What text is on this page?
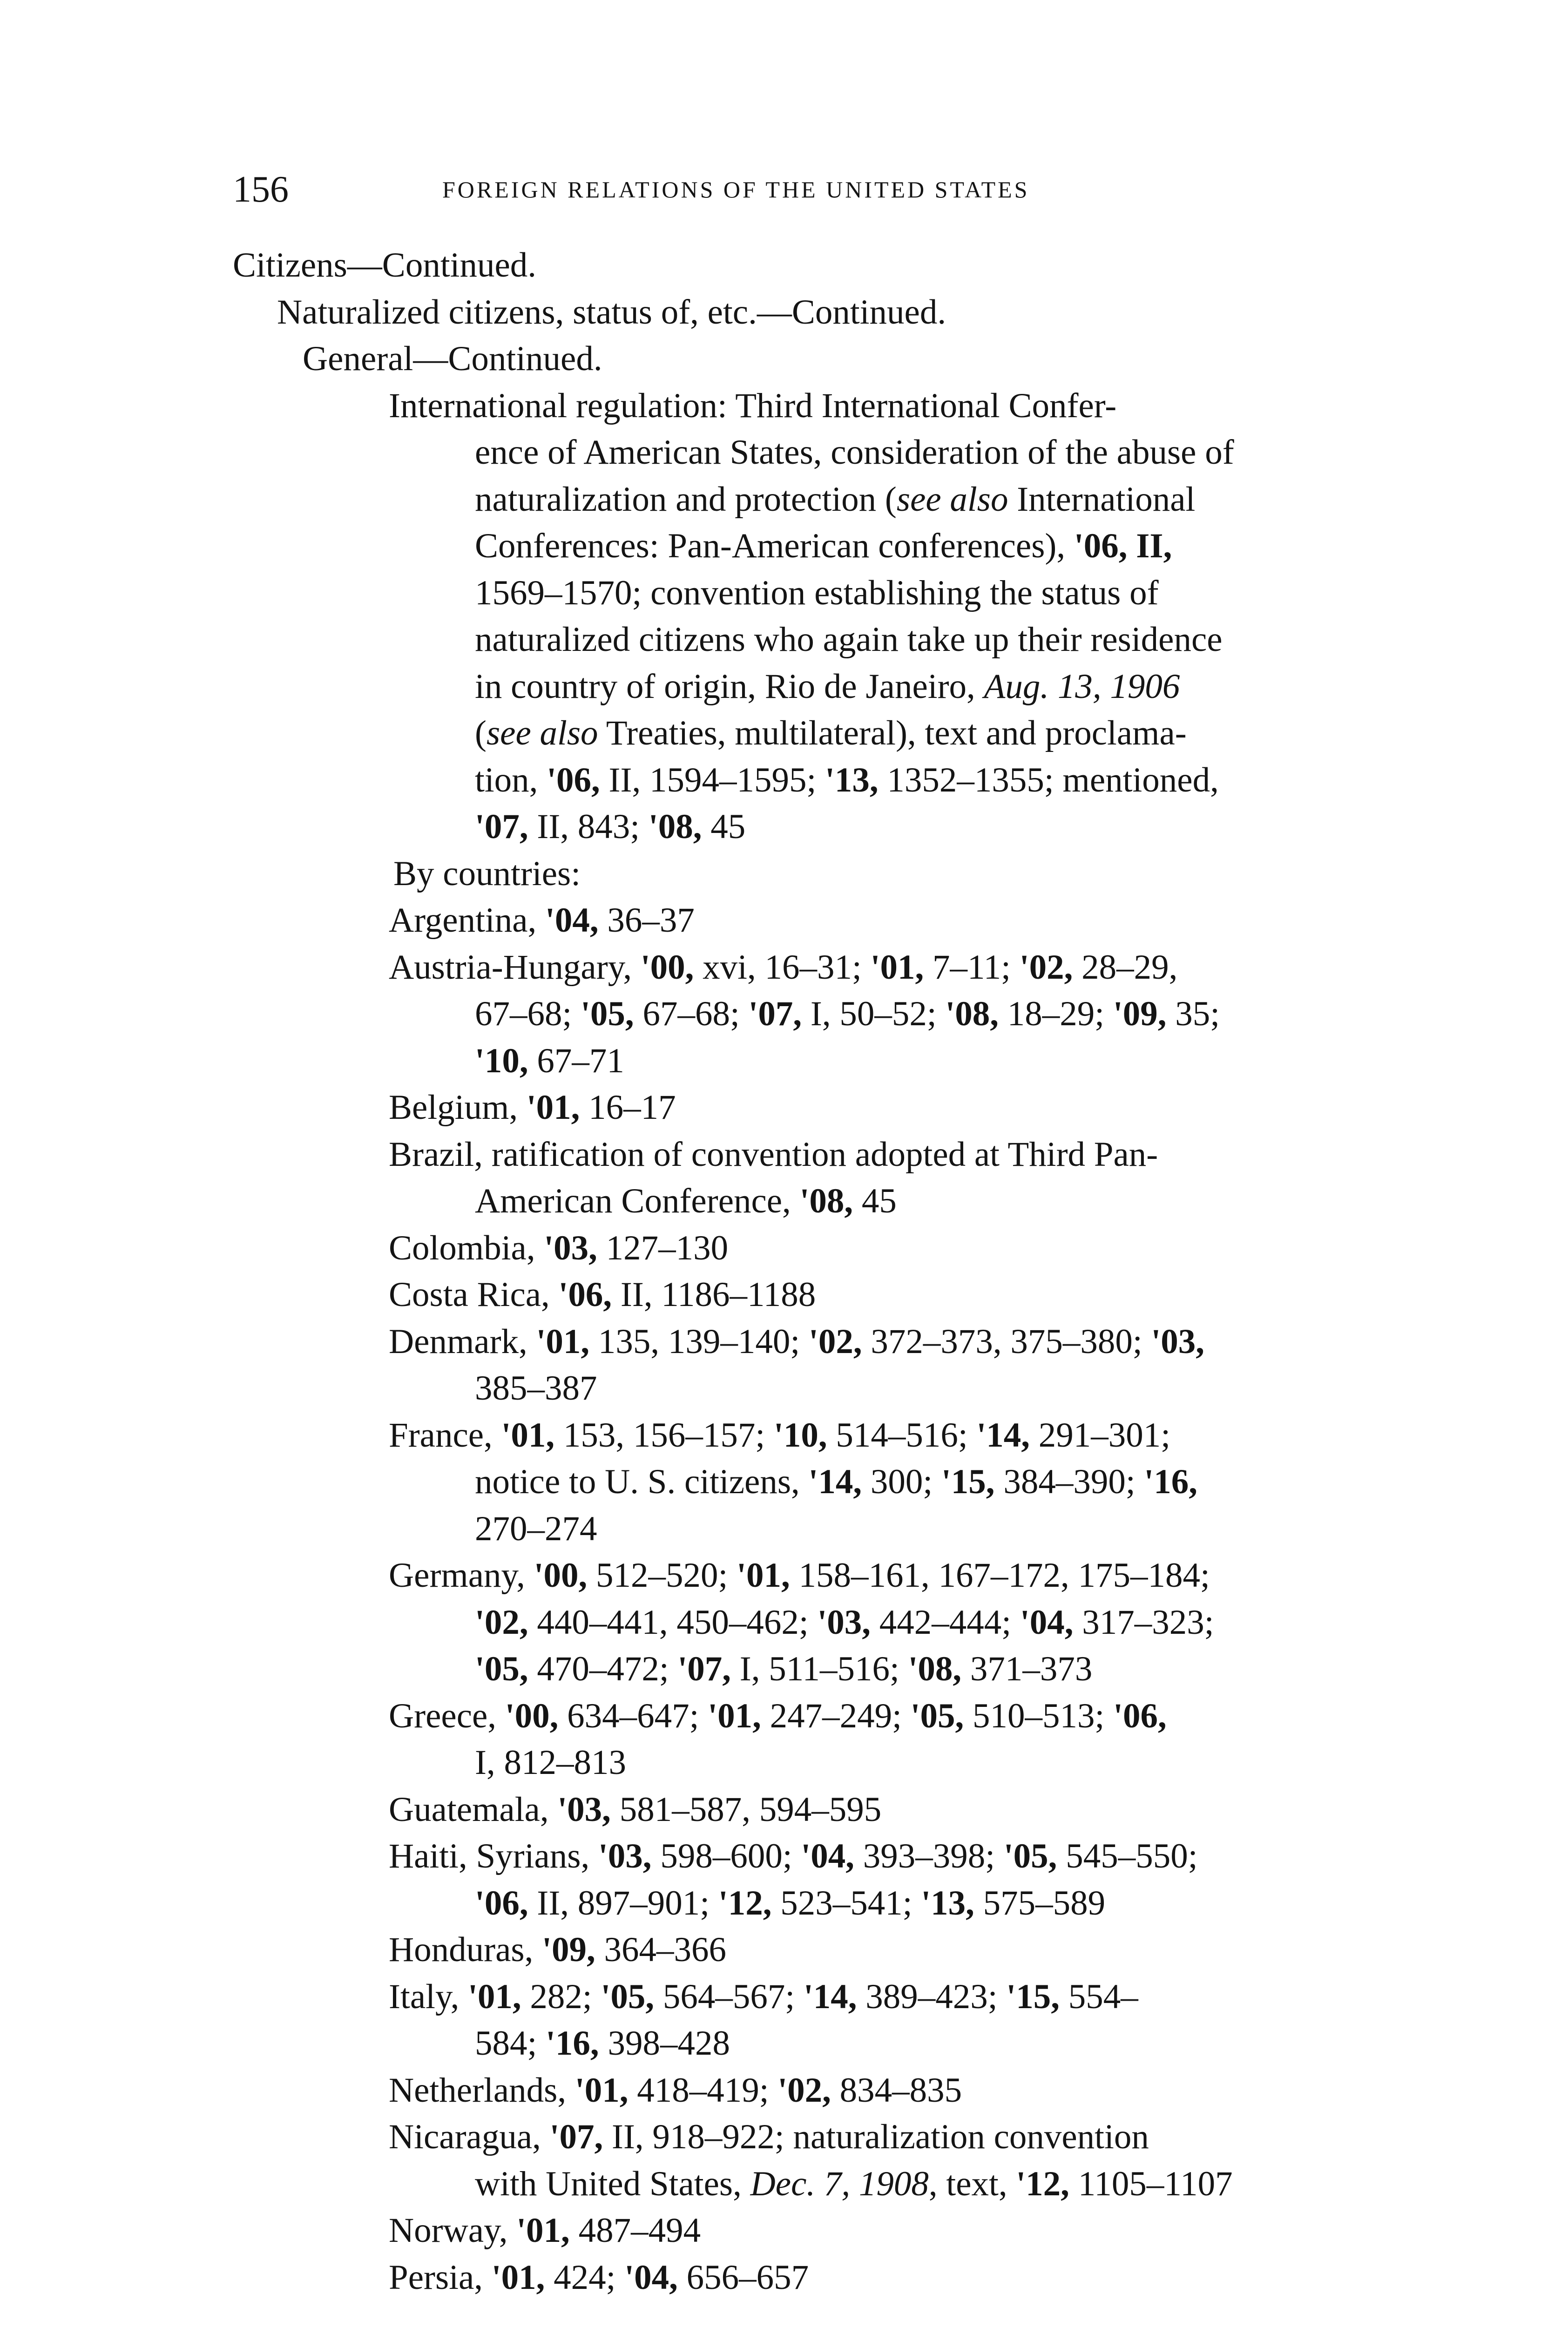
156	FOREIGN RELATIONS OF THE UNITED STATES
Citizens—Continued.
Naturalized citizens, status of, etc.—Continued.
General—Continued.
International regulation: Third International Confer-
ence of American States, consideration of the abuse of
naturalization and protection (see also International
Conferences: Pan-American conferences), '06, II,
1569–1570; convention establishing the status of
naturalized citizens who again take up their residence
in country of origin, Rio de Janeiro, Aug. 13, 1906
(see also Treaties, multilateral), text and proclama-
tion, '06, II, 1594–1595; '13, 1352–1355; mentioned,
'07, II, 843; '08, 45
By countries:
Argentina, '04, 36–37
Austria-Hungary, '00, xvi, 16–31; '01, 7–11; '02, 28–29,
67–68; '05, 67–68; '07, I, 50–52; '08, 18–29; '09, 35;
'10, 67–71
Belgium, '01, 16–17
Brazil, ratification of convention adopted at Third Pan-
American Conference, '08, 45
Colombia, '03, 127–130
Costa Rica, '06, II, 1186–1188
Denmark, '01, 135, 139–140; '02, 372–373, 375–380; '03,
385–387
France, '01, 153, 156–157; '10, 514–516; '14, 291–301;
notice to U. S. citizens, '14, 300; '15, 384–390; '16,
270–274
Germany, '00, 512–520; '01, 158–161, 167–172, 175–184;
'02, 440–441, 450–462; '03, 442–444; '04, 317–323;
'05, 470–472; '07, I, 511–516; '08, 371–373
Greece, '00, 634–647; '01, 247–249; '05, 510–513; '06,
I, 812–813
Guatemala, '03, 581–587, 594–595
Haiti, Syrians, '03, 598–600; '04, 393–398; '05, 545–550;
'06, II, 897–901; '12, 523–541; '13, 575–589
Honduras, '09, 364–366
Italy, '01, 282; '05, 564–567; '14, 389–423; '15, 554–
584; '16, 398–428
Netherlands, '01, 418–419; '02, 834–835
Nicaragua, '07, II, 918–922; naturalization convention
with United States, Dec. 7, 1908, text, '12, 1105–1107
Norway, '01, 487–494
Persia, '01, 424; '04, 656–657
